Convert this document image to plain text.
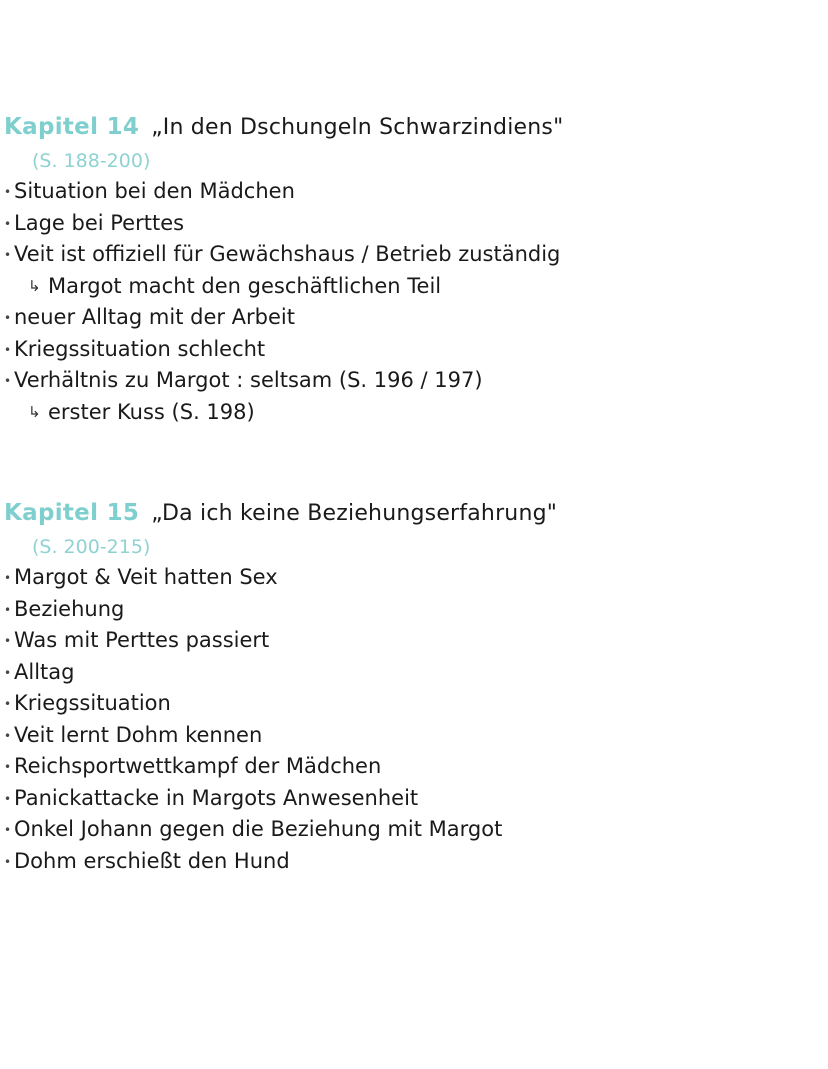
Kapitel 14 „In den Dschungeln Schwarzindiens"
(S. 188-200)
• Situation bei den Mädchen
• Lage bei Perttes
• Veit ist offiziell für Gewächshaus / Betrieb zuständig
↳ Margot macht den geschäftlichen Teil
• neuer Alltag mit der Arbeit
• Kriegssituation schlecht
• Verhältnis zu Margot : seltsam (S. 196 / 197)
↳ erster Kuss (S. 198)
Kapitel 15 „Da ich keine Beziehungserfahrung"
(S. 200-215)
• Margot & Veit hatten Sex
• Beziehung
• Was mit Perttes passiert
• Alltag
• Kriegssituation
• Veit lernt Dohm kennen
• Reichsportwettkampf der Mädchen
• Panickattacke in Margots Anwesenheit
• Onkel Johann gegen die Beziehung mit Margot
• Dohm erschießt den Hund
